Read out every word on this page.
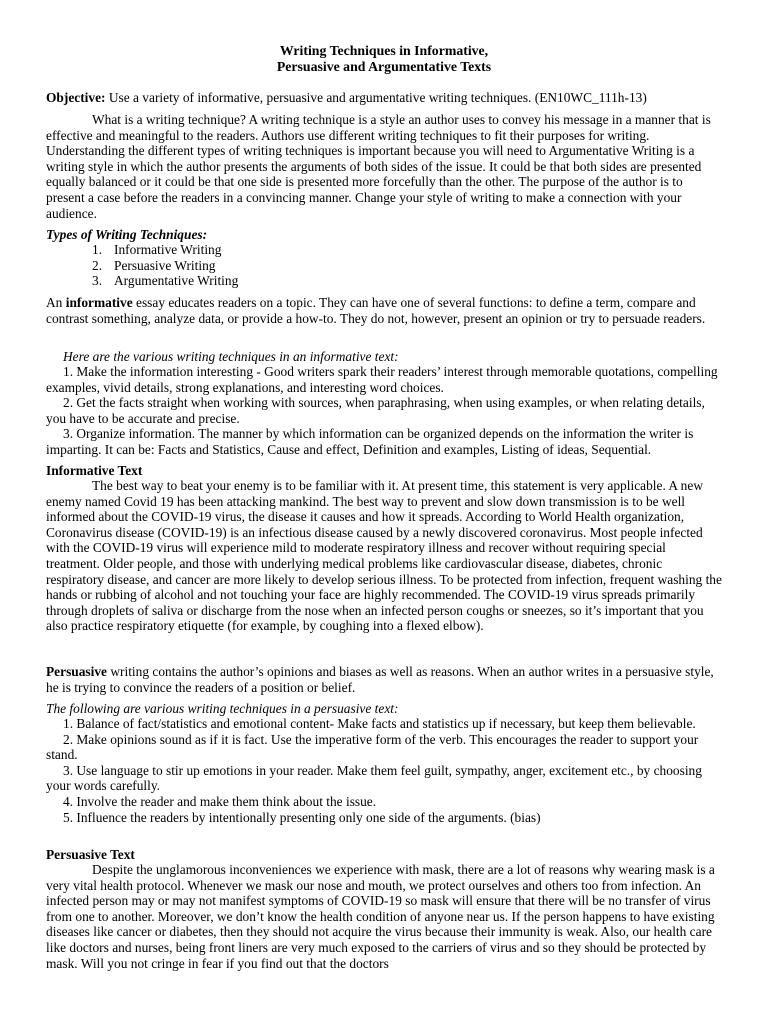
Writing Techniques in Informative,
Persuasive and Argumentative Texts

Objective: Use a variety of informative, persuasive and argumentative writing techniques. (EN10WC_111h-13)

What is a writing technique? A writing technique is a style an author uses to convey his message in a manner that is effective and meaningful to the readers. Authors use different writing techniques to fit their purposes for writing. Understanding the different types of writing techniques is important because you will need to Argumentative Writing is a writing style in which the author presents the arguments of both sides of the issue. It could be that both sides are presented equally balanced or it could be that one side is presented more forcefully than the other. The purpose of the author is to present a case before the readers in a convincing manner. Change your style of writing to make a connection with your audience.

Types of Writing Techniques:

1. Informative Writing
2. Persuasive Writing
3. Argumentative Writing

An informative essay educates readers on a topic. They can have one of several functions: to define a term, compare and contrast something, analyze data, or provide a how-to. They do not, however, present an opinion or try to persuade readers.

Here are the various writing techniques in an informative text:

1. Make the information interesting - Good writers spark their readers’ interest through memorable quotations, compelling examples, vivid details, strong explanations, and interesting word choices.

2. Get the facts straight when working with sources, when paraphrasing, when using examples, or when relating details, you have to be accurate and precise.

3. Organize information. The manner by which information can be organized depends on the information the writer is imparting. It can be: Facts and Statistics, Cause and effect, Definition and examples, Listing of ideas, Sequential.

Informative Text

The best way to beat your enemy is to be familiar with it. At present time, this statement is very applicable. A new enemy named Covid 19 has been attacking mankind. The best way to prevent and slow down transmission is to be well informed about the COVID-19 virus, the disease it causes and how it spreads. According to World Health organization, Coronavirus disease (COVID-19) is an infectious disease caused by a newly discovered coronavirus. Most people infected with the COVID-19 virus will experience mild to moderate respiratory illness and recover without requiring special treatment. Older people, and those with underlying medical problems like cardiovascular disease, diabetes, chronic respiratory disease, and cancer are more likely to develop serious illness. To be protected from infection, frequent washing the hands or rubbing of alcohol and not touching your face are highly recommended. The COVID-19 virus spreads primarily through droplets of saliva or discharge from the nose when an infected person coughs or sneezes, so it’s important that you also practice respiratory etiquette (for example, by coughing into a flexed elbow).

Persuasive writing contains the author’s opinions and biases as well as reasons. When an author writes in a persuasive style, he is trying to convince the readers of a position or belief.

The following are various writing techniques in a persuasive text:

1. Balance of fact/statistics and emotional content- Make facts and statistics up if necessary, but keep them believable.

2. Make opinions sound as if it is fact. Use the imperative form of the verb. This encourages the reader to support your stand.

3. Use language to stir up emotions in your reader. Make them feel guilt, sympathy, anger, excitement etc., by choosing your words carefully.

4. Involve the reader and make them think about the issue.

5. Influence the readers by intentionally presenting only one side of the arguments. (bias)

Persuasive Text

Despite the unglamorous inconveniences we experience with mask, there are a lot of reasons why wearing mask is a very vital health protocol. Whenever we mask our nose and mouth, we protect ourselves and others too from infection. An infected person may or may not manifest symptoms of COVID-19 so mask will ensure that there will be no transfer of virus from one to another. Moreover, we don’t know the health condition of anyone near us. If the person happens to have existing diseases like cancer or diabetes, then they should not acquire the virus because their immunity is weak. Also, our health care like doctors and nurses, being front liners are very much exposed to the carriers of virus and so they should be protected by mask. Will you not cringe in fear if you find out that the doctors
